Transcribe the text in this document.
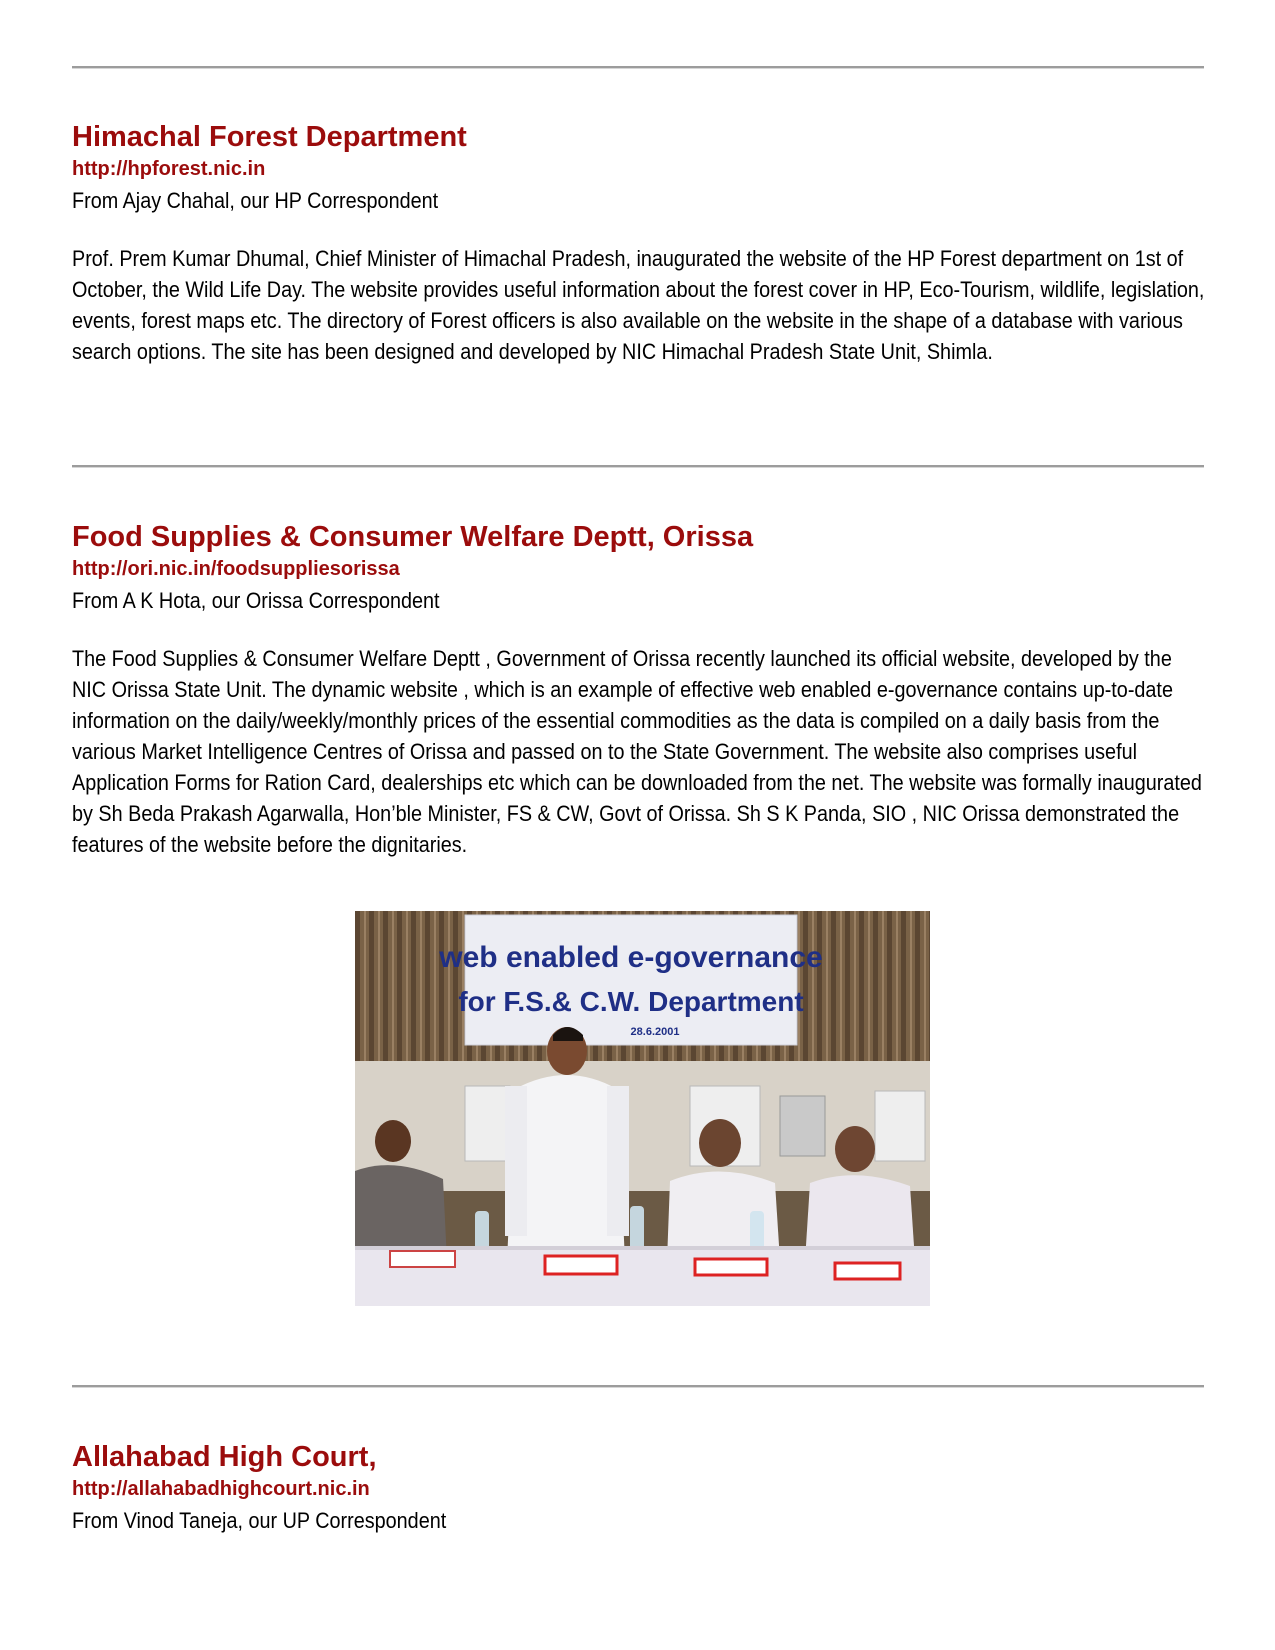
Himachal Forest Department
http://hpforest.nic.in
From Ajay Chahal, our HP Correspondent

Prof. Prem Kumar Dhumal, Chief Minister of Himachal Pradesh, inaugurated the website of the HP Forest department on 1st of October, the Wild Life Day. The website provides useful information about the forest cover in HP, Eco-Tourism, wildlife, legislation, events, forest maps etc. The directory of Forest officers is also available on the website in the shape of a database with various search options. The site has been designed and developed by NIC Himachal Pradesh State Unit, Shimla.

Food Supplies & Consumer Welfare Deptt, Orissa
http://ori.nic.in/foodsuppliesorissa
From A K Hota, our Orissa Correspondent

The Food Supplies & Consumer Welfare Deptt , Government of Orissa recently launched its official website, developed by the NIC Orissa State Unit. The dynamic website , which is an example of effective web enabled e-governance contains up-to-date information on the daily/weekly/monthly prices of the essential commodities as the data is compiled on a daily basis from the various Market Intelligence Centres of Orissa and passed on to the State Government. The website also comprises useful Application Forms for Ration Card, dealerships etc which can be downloaded from the net. The website was formally inaugurated by Sh Beda Prakash Agarwalla, Hon’ble Minister, FS & CW, Govt of Orissa. Sh S K Panda, SIO , NIC Orissa demonstrated the features of the website before the dignitaries.

web enabled e-governance
for F.S.& C.W. Department
28.6.2001
Allahabad High Court,
http://allahabadhighcourt.nic.in
From Vinod Taneja, our UP Correspondent
